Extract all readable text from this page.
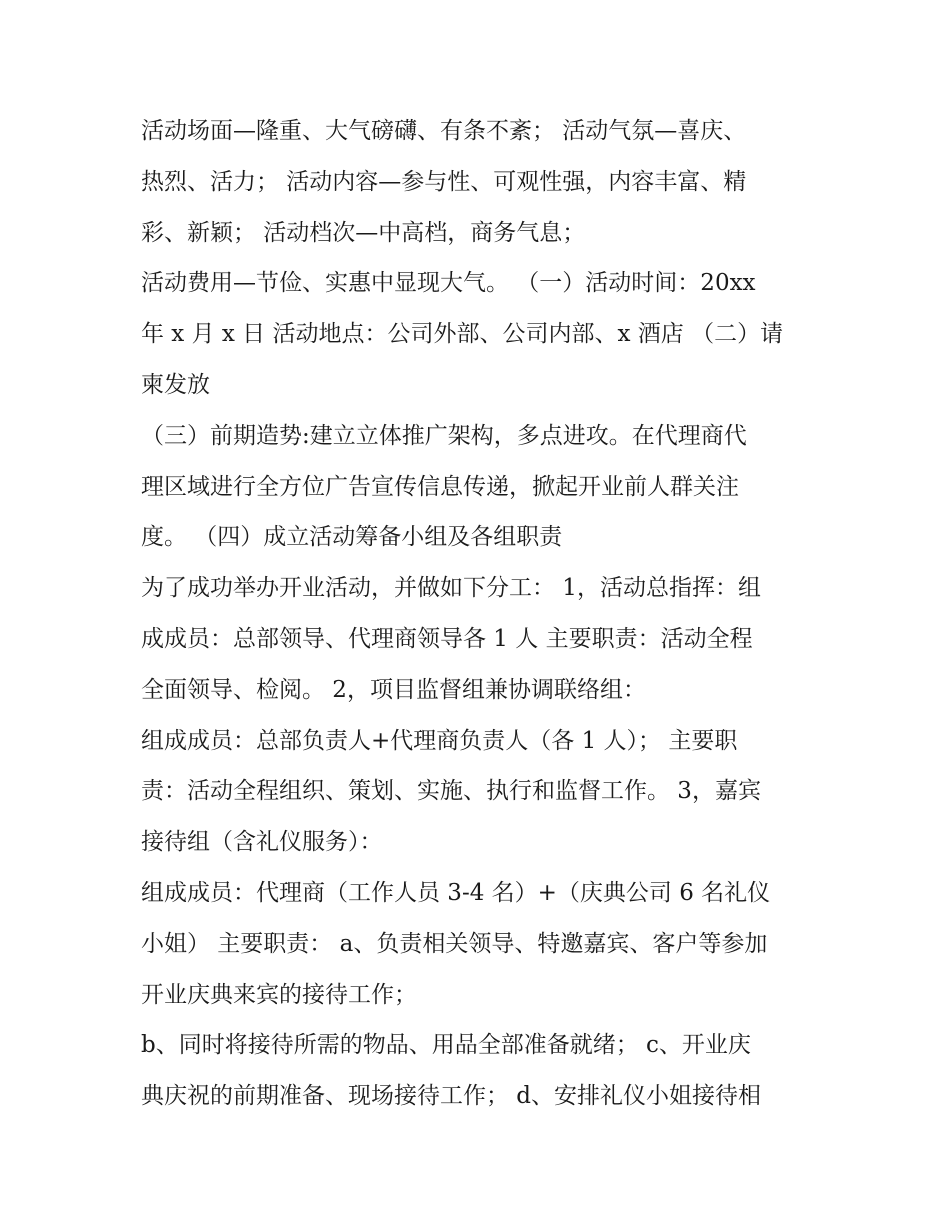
活动场面—隆重、大气磅礴、有条不紊； 活动气氛—喜庆、
热烈、活力； 活动内容—参与性、可观性强，内容丰富、精
彩、新颖； 活动档次—中高档，商务气息；
活动费用—节俭、实惠中显现大气。 （一）活动时间：20xx
年 x 月 x 日 活动地点：公司外部、公司内部、x 酒店 （二）请
柬发放
（三）前期造势:建立立体推广架构，多点进攻。在代理商代
理区域进行全方位广告宣传信息传递，掀起开业前人群关注
度。 （四）成立活动筹备小组及各组职责
为了成功举办开业活动，并做如下分工： 1，活动总指挥：组
成成员：总部领导、代理商领导各 1 人 主要职责：活动全程
全面领导、检阅。 2，项目监督组兼协调联络组：
组成成员：总部负责人+代理商负责人（各 1 人）； 主要职
责：活动全程组织、策划、实施、执行和监督工作。 3，嘉宾
接待组（含礼仪服务）：
组成成员：代理商（工作人员 3-4 名）+（庆典公司 6 名礼仪
小姐） 主要职责： a、负责相关领导、特邀嘉宾、客户等参加
开业庆典来宾的接待工作；
b、同时将接待所需的物品、用品全部准备就绪； c、开业庆
典庆祝的前期准备、现场接待工作； d、安排礼仪小姐接待相
